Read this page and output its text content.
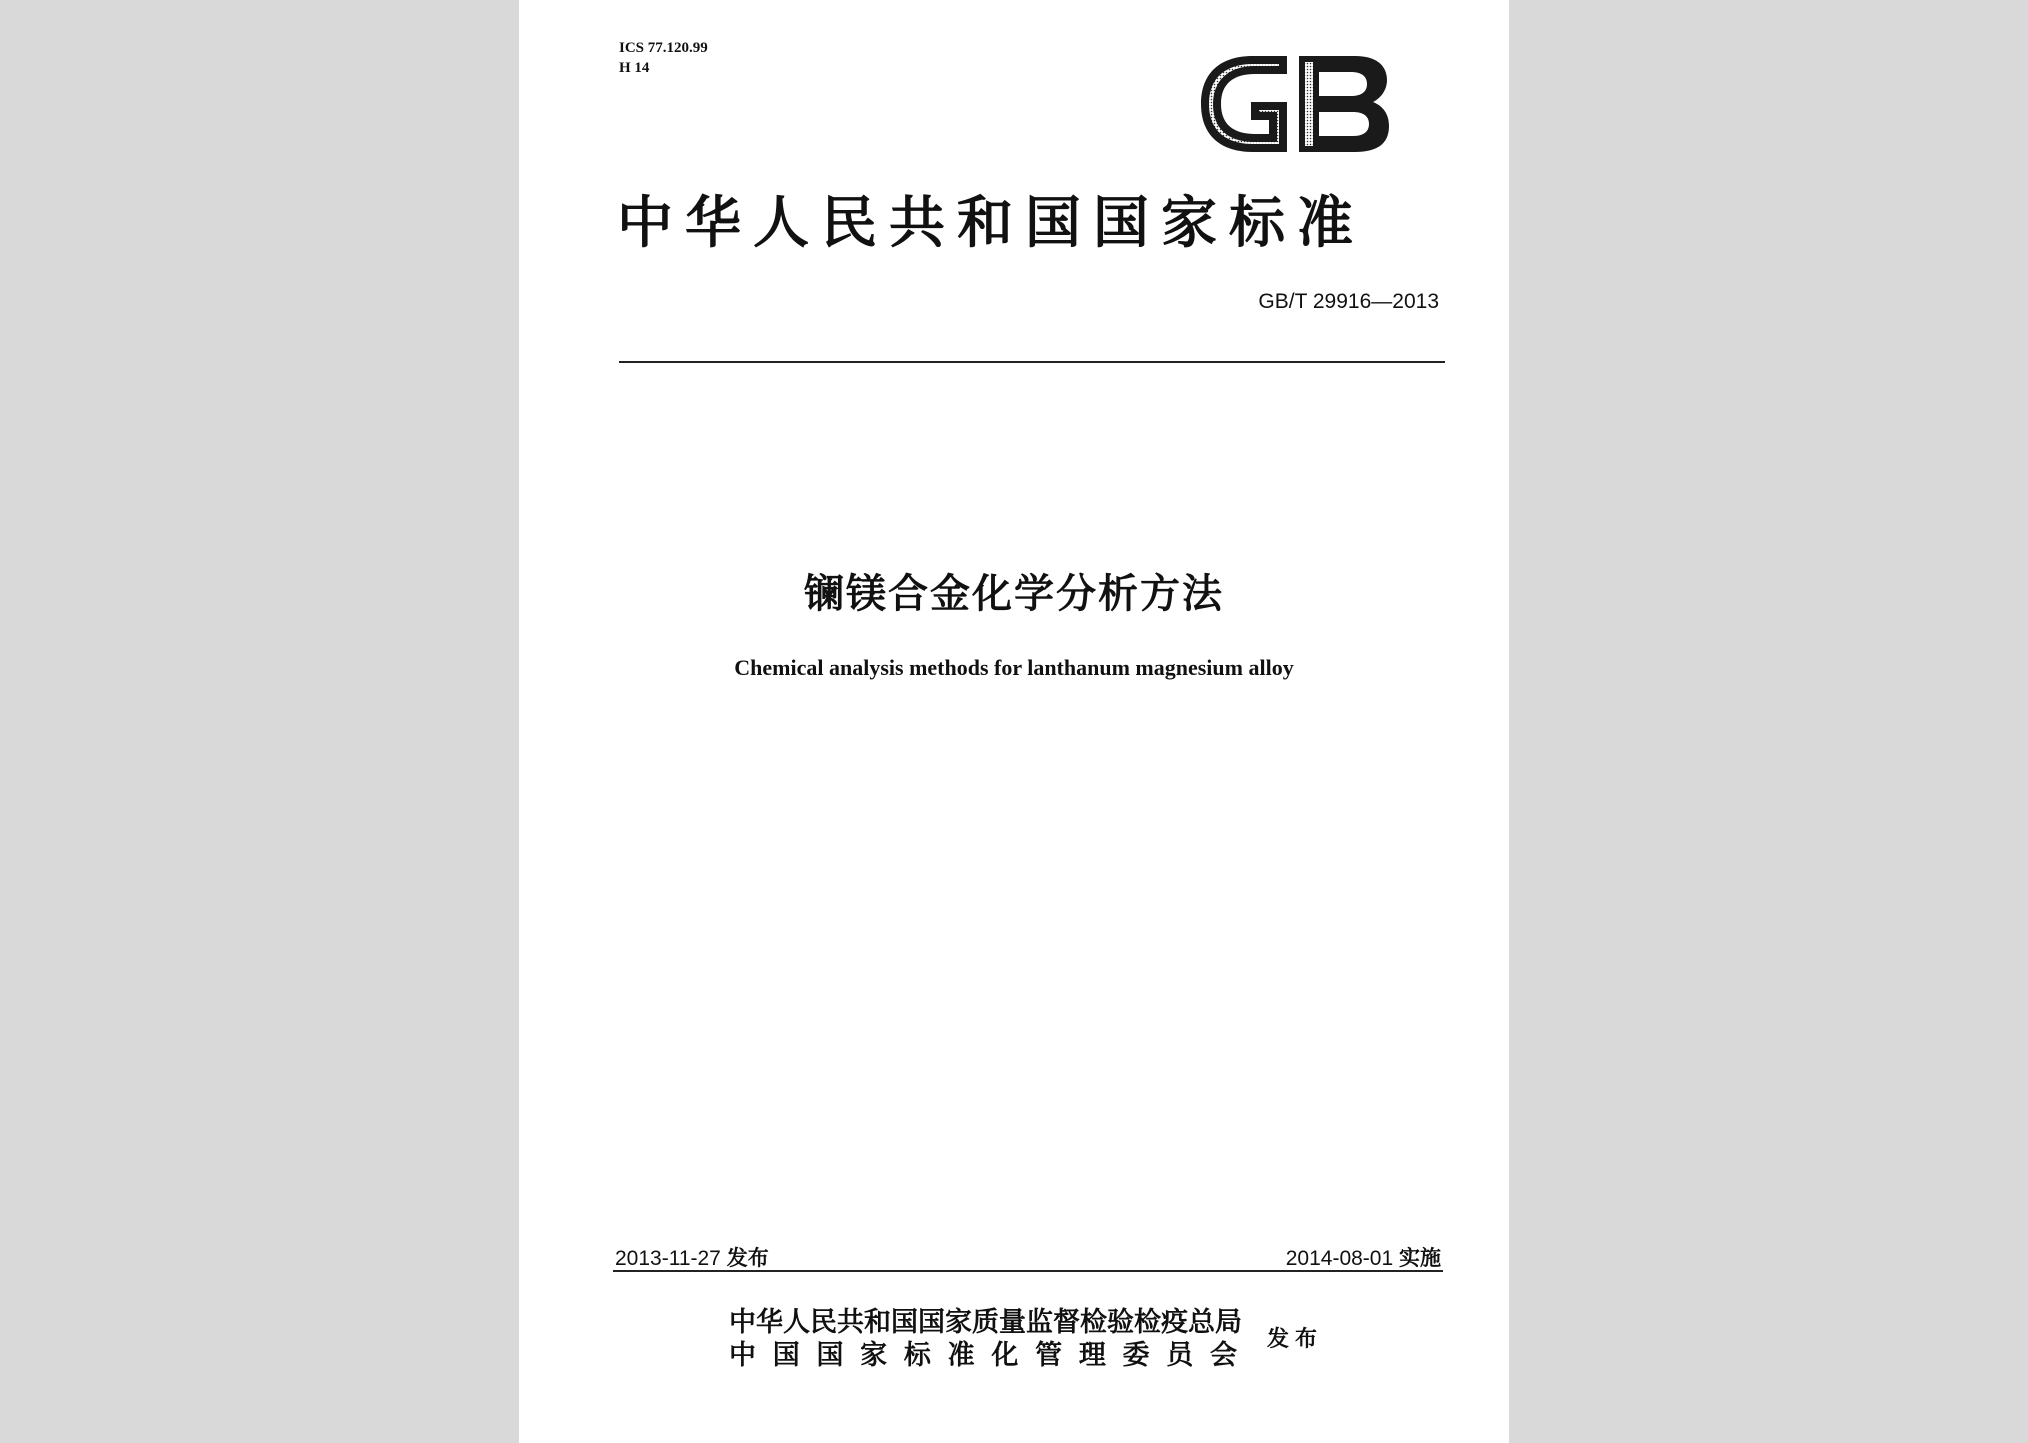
ICS 77.120.99
H 14
中华人民共和国国家标准
GB/T 29916—2013
镧镁合金化学分析方法
Chemical analysis methods for lanthanum magnesium alloy
2013-11-27 发布	2014-08-01 实施
中华人民共和国国家质量监督检验检疫总局
中国国家标准化管理委员会
发布
